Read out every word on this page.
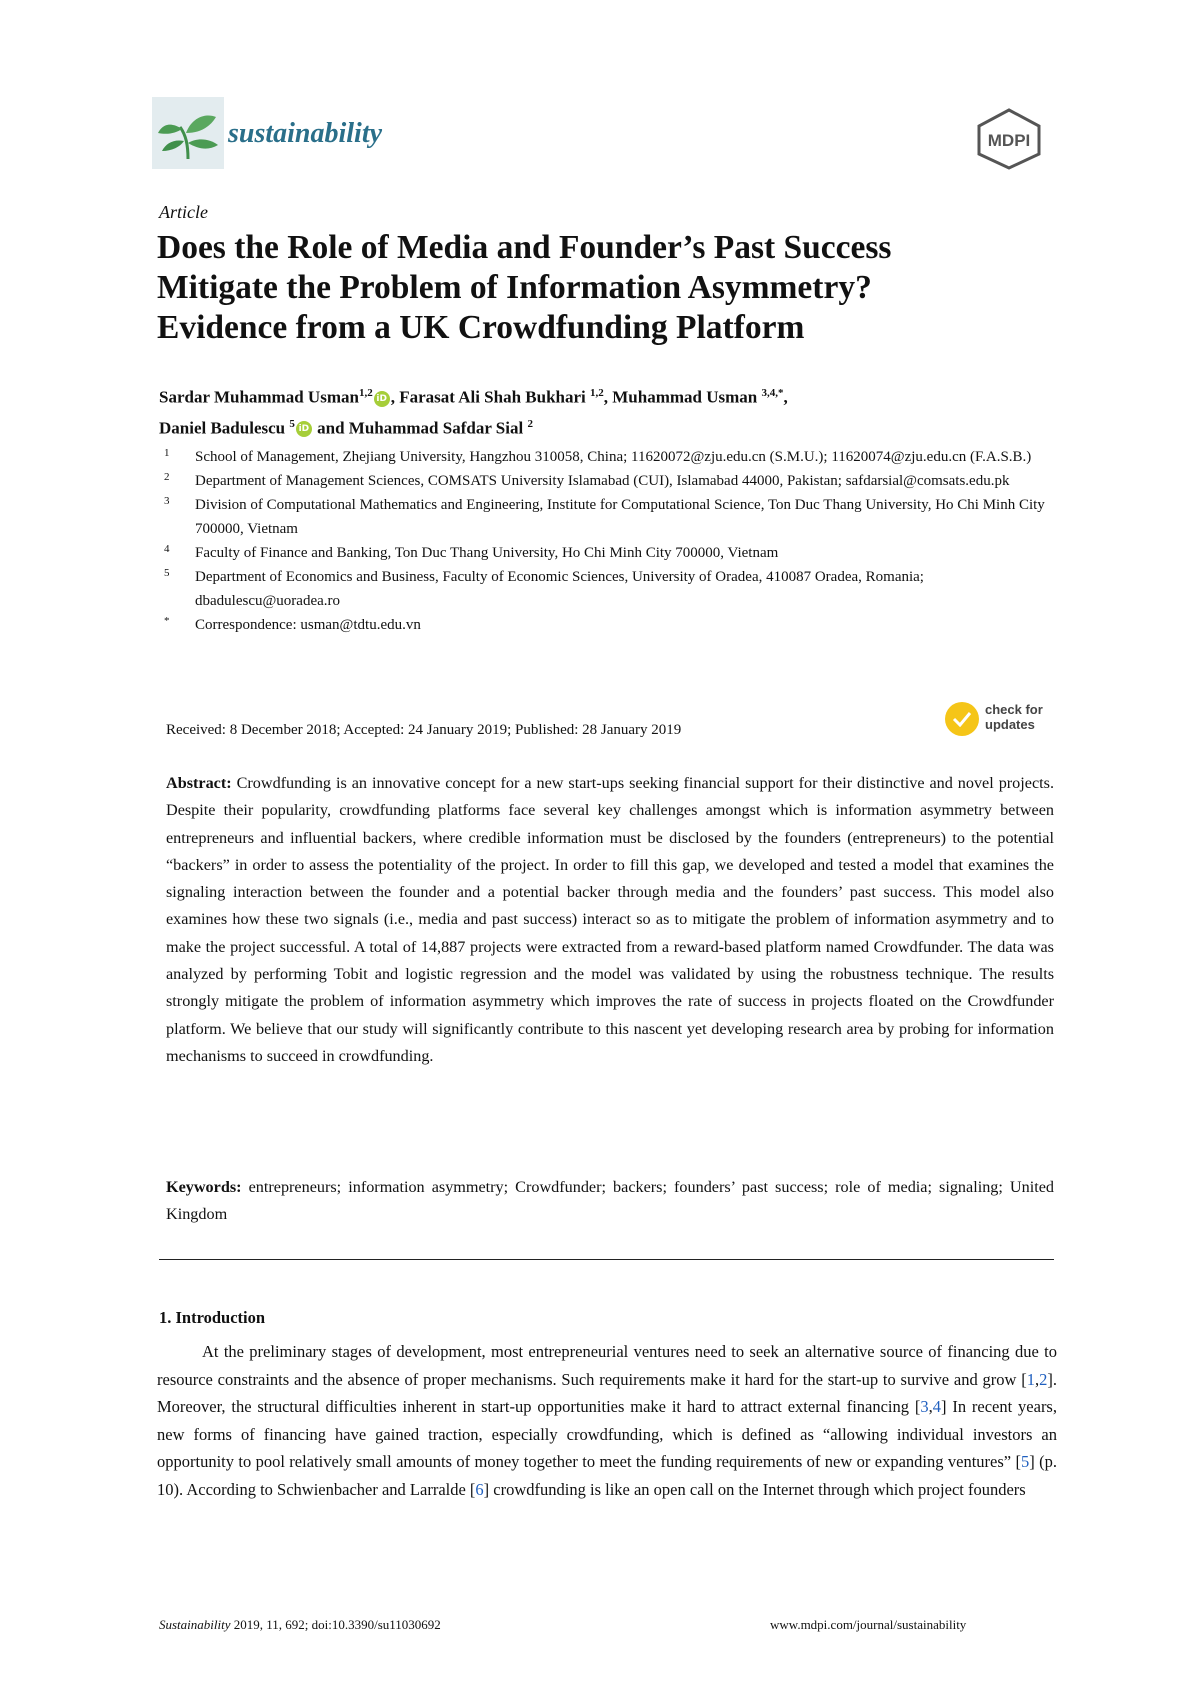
sustainability	MDPI
Article
Does the Role of Media and Founder’s Past Success
Mitigate the Problem of Information Asymmetry?
Evidence from a UK Crowdfunding Platform
Sardar Muhammad Usman$^{1,2}$ iD , Farasat Ali Shah Bukhari $^{1,2}$, Muhammad Usman $^{3,4,*}$,
Daniel Badulescu $^5$ iD and Muhammad Safdar Sial $^2$
1 School of Management, Zhejiang University, Hangzhou 310058, China; 11620072@zju.edu.cn (S.M.U.); 11620074@zju.edu.cn (F.A.S.B.)
2 Department of Management Sciences, COMSATS University Islamabad (CUI), Islamabad 44000, Pakistan; safdarsial@comsats.edu.pk
3 Division of Computational Mathematics and Engineering, Institute for Computational Science, Ton Duc Thang University, Ho Chi Minh City 700000, Vietnam
4 Faculty of Finance and Banking, Ton Duc Thang University, Ho Chi Minh City 700000, Vietnam
5 Department of Economics and Business, Faculty of Economic Sciences, University of Oradea, 410087 Oradea, Romania; dbadulescu@uoradea.ro
* Correspondence: usman@tdtu.edu.vn
Received: 8 December 2018; Accepted: 24 January 2019; Published: 28 January 2019
check for
updates
Abstract: Crowdfunding is an innovative concept for a new start-ups seeking financial support for their distinctive and novel projects. Despite their popularity, crowdfunding platforms face several key challenges amongst which is information asymmetry between entrepreneurs and influential backers, where credible information must be disclosed by the founders (entrepreneurs) to the potential “backers” in order to assess the potentiality of the project. In order to fill this gap, we developed and tested a model that examines the signaling interaction between the founder and a potential backer through media and the founders’ past success. This model also examines how these two signals (i.e., media and past success) interact so as to mitigate the problem of information asymmetry and to make the project successful. A total of 14,887 projects were extracted from a reward-based platform named Crowdfunder. The data was analyzed by performing Tobit and logistic regression and the model was validated by using the robustness technique. The results strongly mitigate the problem of information asymmetry which improves the rate of success in projects floated on the Crowdfunder platform. We believe that our study will significantly contribute to this nascent yet developing research area by probing for information mechanisms to succeed in crowdfunding.
Keywords: entrepreneurs; information asymmetry; Crowdfunder; backers; founders’ past success; role of media; signaling; United Kingdom
1. Introduction
At the preliminary stages of development, most entrepreneurial ventures need to seek an alternative source of financing due to resource constraints and the absence of proper mechanisms. Such requirements make it hard for the start-up to survive and grow [1,2]. Moreover, the structural difficulties inherent in start-up opportunities make it hard to attract external financing [3,4] In recent years, new forms of financing have gained traction, especially crowdfunding, which is defined as “allowing individual investors an opportunity to pool relatively small amounts of money together to meet the funding requirements of new or expanding ventures” [5] (p. 10). According to Schwienbacher and Larralde [6] crowdfunding is like an open call on the Internet through which project founders
Sustainability 2019, 11, 692; doi:10.3390/su11030692	www.mdpi.com/journal/sustainability
